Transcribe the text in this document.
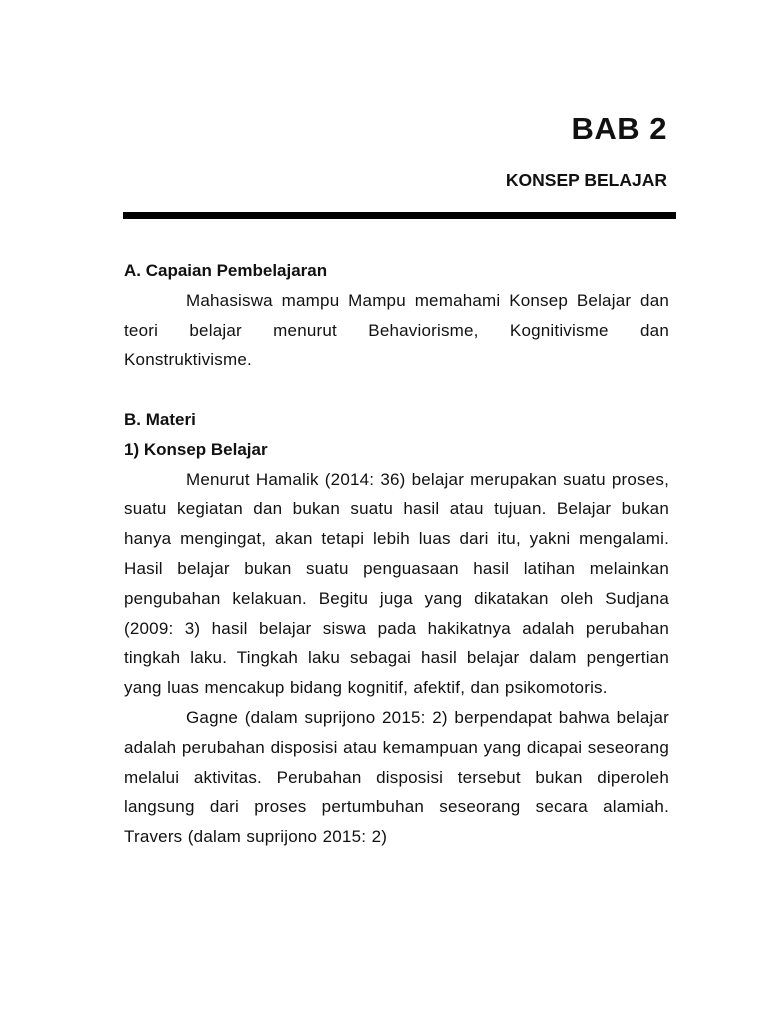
BAB 2
KONSEP BELAJAR

A. Capaian Pembelajaran

Mahasiswa mampu Mampu memahami Konsep Belajar dan teori belajar menurut Behaviorisme, Kognitivisme dan Konstruktivisme.

B. Materi

1) Konsep Belajar

Menurut Hamalik (2014: 36) belajar merupakan suatu proses, suatu kegiatan dan bukan suatu hasil atau tujuan. Belajar bukan hanya mengingat, akan tetapi lebih luas dari itu, yakni mengalami. Hasil belajar bukan suatu penguasaan hasil latihan melainkan pengubahan kelakuan. Begitu juga yang dikatakan oleh Sudjana (2009: 3) hasil belajar siswa pada hakikatnya adalah perubahan tingkah laku. Tingkah laku sebagai hasil belajar dalam pengertian yang luas mencakup bidang kognitif, afektif, dan psikomotoris.

Gagne (dalam suprijono 2015: 2) berpendapat bahwa belajar adalah perubahan disposisi atau kemampuan yang dicapai seseorang melalui aktivitas. Perubahan disposisi tersebut bukan diperoleh langsung dari proses pertumbuhan seseorang secara alamiah. Travers (dalam suprijono 2015: 2)
